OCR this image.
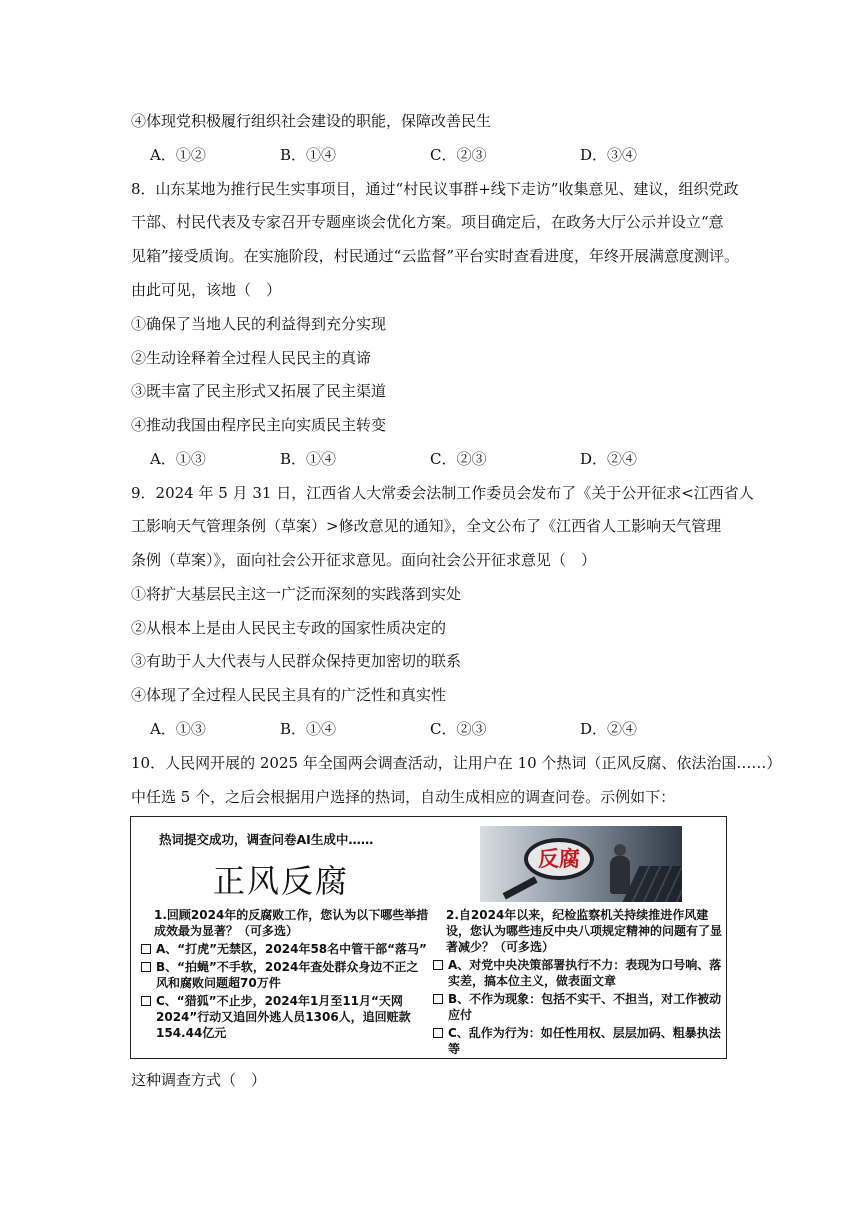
④体现党积极履行组织社会建设的职能，保障改善民生
A．①②	B．①④	C．②③	D．③④
8．山东某地为推行民生实事项目，通过“村民议事群+线下走访”收集意见、建议，组织党政
干部、村民代表及专家召开专题座谈会优化方案。项目确定后，在政务大厅公示并设立“意
见箱”接受质询。在实施阶段，村民通过“云监督”平台实时查看进度，年终开展满意度测评。
由此可见，该地（　）
①确保了当地人民的利益得到充分实现
②生动诠释着全过程人民民主的真谛
③既丰富了民主形式又拓展了民主渠道
④推动我国由程序民主向实质民主转变
A．①③	B．①④	C．②③	D．②④
9．2024 年 5 月 31 日，江西省人大常委会法制工作委员会发布了《关于公开征求<江西省人
工影响天气管理条例（草案）>修改意见的通知》，全文公布了《江西省人工影响天气管理
条例（草案）》，面向社会公开征求意见。面向社会公开征求意见（　）
①将扩大基层民主这一广泛而深刻的实践落到实处
②从根本上是由人民民主专政的国家性质决定的
③有助于人大代表与人民群众保持更加密切的联系
④体现了全过程人民民主具有的广泛性和真实性
A．①③	B．①④	C．②③	D．②④
10．人民网开展的 2025 年全国两会调查活动，让用户在 10 个热词（正风反腐、依法治国……）
中任选 5 个，之后会根据用户选择的热词，自动生成相应的调查问卷。示例如下：
热词提交成功，调查问卷AI生成中……
正风反腐
反腐
1.回顾2024年的反腐败工作，您认为以下哪些举措成效最为显著？（可多选）
A、“打虎”无禁区，2024年58名中管干部“落马”
B、“拍蝇”不手软，2024年查处群众身边不正之风和腐败问题超70万件
C、“猎狐”不止步，2024年1月至11月“天网2024”行动又追回外逃人员1306人，追回赃款154.44亿元
2.自2024年以来，纪检监察机关持续推进作风建设，您认为哪些违反中央八项规定精神的问题有了显著减少？（可多选）
A、对党中央决策部署执行不力：表现为口号响、落实差，搞本位主义，做表面文章
B、不作为现象：包括不实干、不担当，对工作被动应付
C、乱作为行为：如任性用权、层层加码、粗暴执法等
这种调查方式（　）
